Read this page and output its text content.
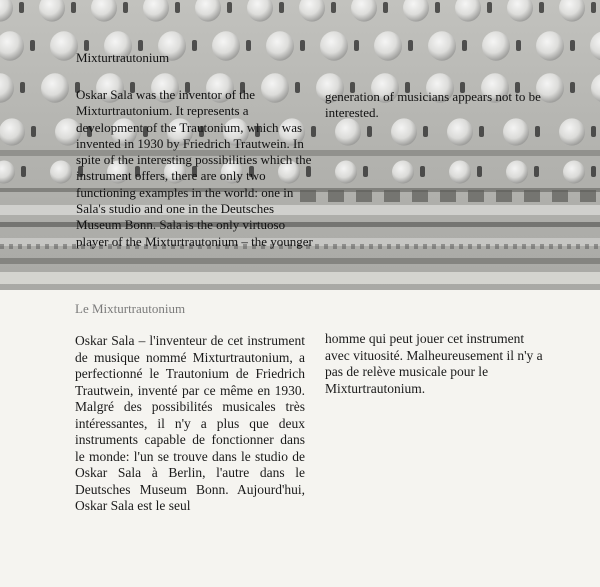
Mixturtrautonium

Oskar Sala was the inventor of the Mixturtrautonium. It represents a development of the Trautonium, which was invented in 1930 by Friedrich Trautwein. In spite of the interesting possibilities which the instrument offers, there are only two functioning examples in the world: one in Sala's studio and one in the Deutsches Museum Bonn. Sala is the only virtuoso player of the Mixturtrautonium – the younger

generation of musicians appears not to be interested.

Le Mixturtrautonium

Oskar Sala – l'inventeur de cet instrument de musique nommé Mixturtrautonium, a perfectionné le Trautonium de Friedrich Trautwein, inventé par ce même en 1930. Malgré des possibilités musicales très intéressantes, il n'y a plus que deux instruments capable de fonctionner dans le monde: l'un se trouve dans le studio de Oskar Sala à Berlin, l'autre dans le Deutsches Museum Bonn. Aujourd'hui, Oskar Sala est le seul

homme qui peut jouer cet instrument avec vituosité. Malheureusement il n'y a pas de relève musicale pour le Mixturtrautonium.
